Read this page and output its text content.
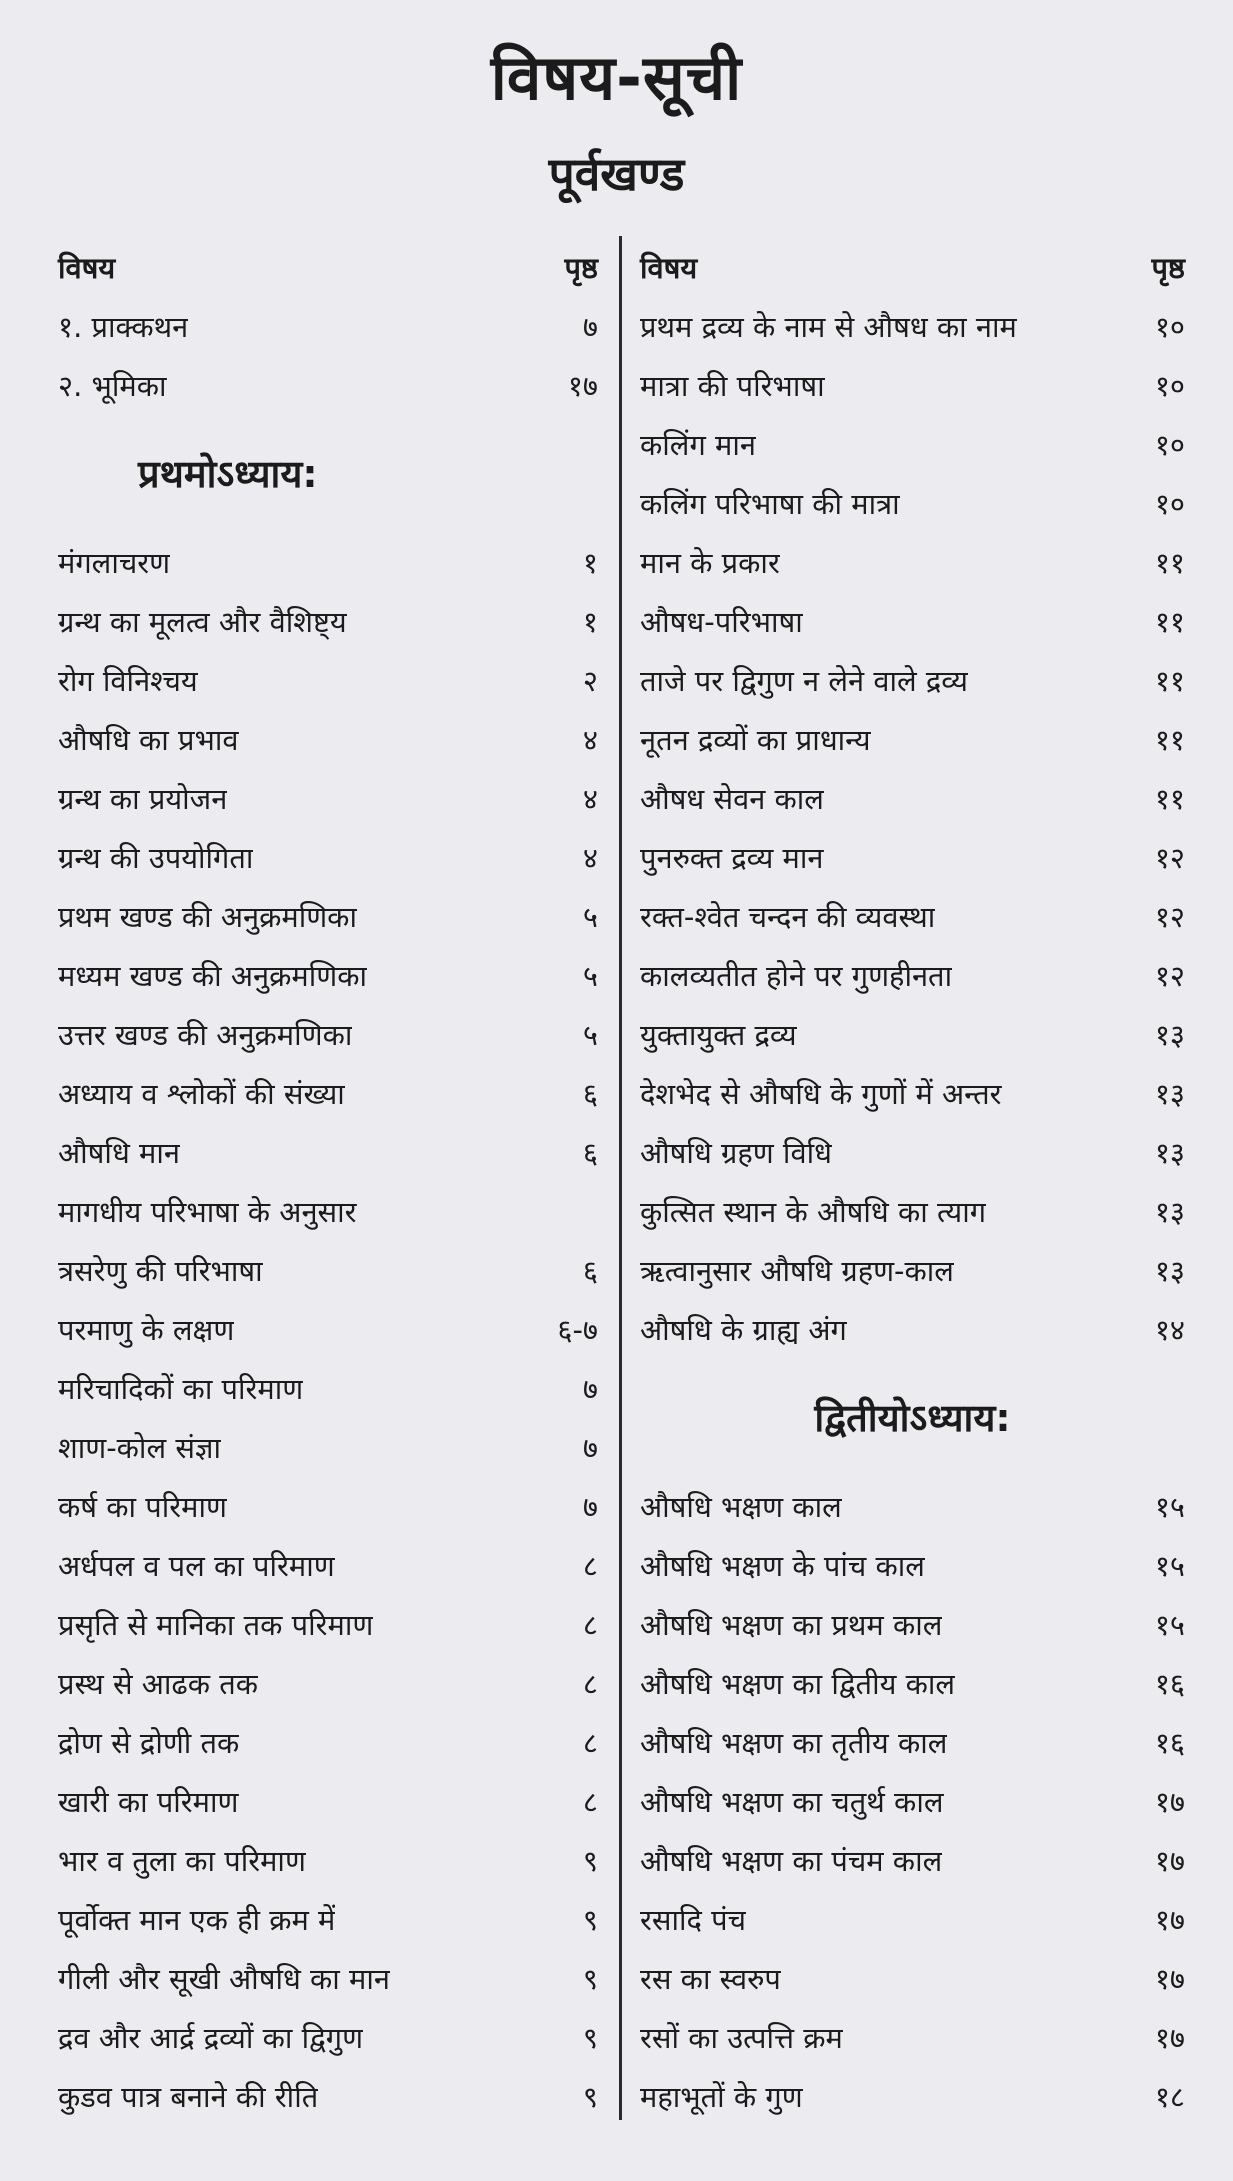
विषय-सूची
पूर्वखण्ड
विषय	पृष्ठ
१. प्राक्कथन	७
२. भूमिका	१७
प्रथमोऽध्याय:
मंगलाचरण	१
ग्रन्थ का मूलत्व और वैशिष्ट्य	१
रोग विनिश्चय	२
औषधि का प्रभाव	४
ग्रन्थ का प्रयोजन	४
ग्रन्थ की उपयोगिता	४
प्रथम खण्ड की अनुक्रमणिका	५
मध्यम खण्ड की अनुक्रमणिका	५
उत्तर खण्ड की अनुक्रमणिका	५
अध्याय व श्लोकों की संख्या	६
औषधि मान	६
मागधीय परिभाषा के अनुसार
त्रसरेणु की परिभाषा	६
परमाणु के लक्षण	६-७
मरिचादिकों का परिमाण	७
शाण-कोल संज्ञा	७
कर्ष का परिमाण	७
अर्धपल व पल का परिमाण	८
प्रसृति से मानिका तक परिमाण	८
प्रस्थ से आढक तक	८
द्रोण से द्रोणी तक	८
खारी का परिमाण	८
भार व तुला का परिमाण	९
पूर्वोक्त मान एक ही क्रम में	९
गीली और सूखी औषधि का मान	९
द्रव और आर्द्र द्रव्यों का द्विगुण	९
कुडव पात्र बनाने की रीति	९
विषय	पृष्ठ
प्रथम द्रव्य के नाम से औषध का नाम	१०
मात्रा की परिभाषा	१०
कलिंग मान	१०
कलिंग परिभाषा की मात्रा	१०
मान के प्रकार	११
औषध-परिभाषा	११
ताजे पर द्विगुण न लेने वाले द्रव्य	११
नूतन द्रव्यों का प्राधान्य	११
औषध सेवन काल	११
पुनरुक्त द्रव्य मान	१२
रक्त-श्वेत चन्दन की व्यवस्था	१२
कालव्यतीत होने पर गुणहीनता	१२
युक्तायुक्त द्रव्य	१३
देशभेद से औषधि के गुणों में अन्तर	१३
औषधि ग्रहण विधि	१३
कुत्सित स्थान के औषधि का त्याग	१३
ऋत्वानुसार औषधि ग्रहण-काल	१३
औषधि के ग्राह्य अंग	१४
द्वितीयोऽध्याय:
औषधि भक्षण काल	१५
औषधि भक्षण के पांच काल	१५
औषधि भक्षण का प्रथम काल	१५
औषधि भक्षण का द्वितीय काल	१६
औषधि भक्षण का तृतीय काल	१६
औषधि भक्षण का चतुर्थ काल	१७
औषधि भक्षण का पंचम काल	१७
रसादि पंच	१७
रस का स्वरुप	१७
रसों का उत्पत्ति क्रम	१७
महाभूतों के गुण	१८
